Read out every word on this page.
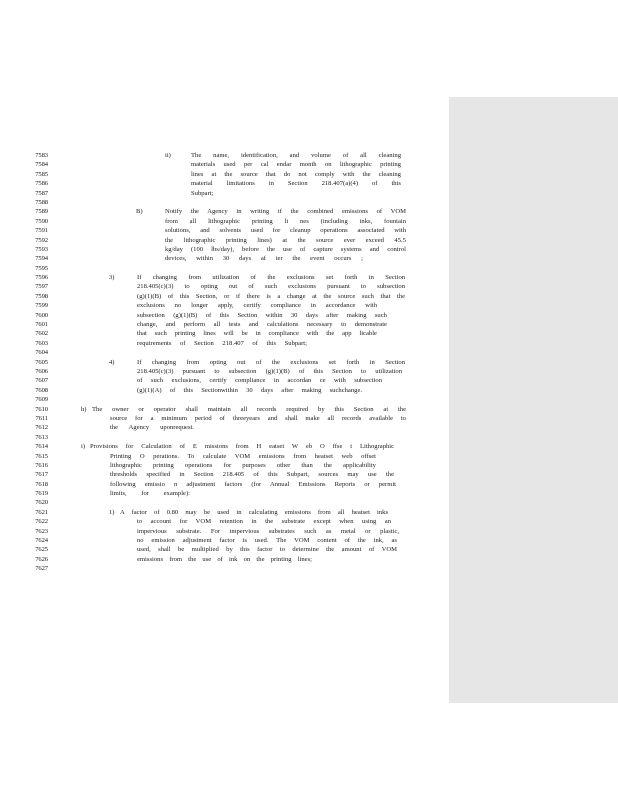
7583
7584
7585
7586
7587
7588
7589
7590
7591
7592
7593
7594
7595
7596
7597
7598
7599
7600
7601
7602
7603
7604
7605
7606
7607
7608
7609
7610
7611
7612
7613
7614
7615
7616
7617
7618
7619
7620
7621
7622
7623
7624
7625
7626
7627
ii)	The name, identification, and volume of all cleaning
materials used per cal endar month on lithographic printing
lines at the source that do not comply with the cleaning
material limitations in Section 218.407(a)(4) of this
Subpart;
B)	Notify the Agency in writing if the combined emissions of VOM
from all lithographic printing li nes (including inks, fountain
solutions, and solvents used for cleanup operations associated with
the lithographic printing lines) at the source ever exceed 45.5
kg/day (100 lbs/day), before the use of capture systems and control
devices, within 30 days af ter the event occurs ;
3)	If changing from utilization of the exclusions set forth in Section
218.405(c)(3) to opting out of such exclusions pursuant to subsection
(g)(1)(B) of this Section, or if there is a change at the source such that the
exclusions no longer apply, certify compliance in accordance with
subsection (g)(1)(B) of this Section within 30 days after making such
change, and perform all tests and calculations necessary to demonstrate
that such printing lines will be in compliance with the app licable
requirements of Section 218.407 of this Subpart;
4)	If changing from opting out of the exclusions set forth in Section
218.405(c)(3) pursuant to subsection (g)(1)(B) of this Section to utilization
of such exclusions, certify compliance in accordan ce with subsection
(g)(1)(A) of this Sectionwithin 30 days after making suchchange.
h) The owner or operator shall maintain all records required by this Section at the
source for a minimum period of threeyears and shall make all records available to
the Agency uponrequest.
i) Provisions for Calculation of E missions from H eatset W eb O ffse t Lithographic
Printing O perations. To calculate VOM emissions from heatset web offset
lithographic printing operations for purposes other than the applicability
thresholds specified in Section 218.405 of this Subpart, sources may use the
following emissio n adjustment factors (for Annual Emissions Reports or permit
limits, for example):
1) A factor of 0.80 may be used in calculating emissions from all heatset inks
to account for VOM retention in the substrate except when using an
impervious substrate. For impervious substrates such as metal or plastic,
no emission adjustment factor is used. The VOM content of the ink, as
used, shall be multiplied by this factor to determine the amount of VOM
emissions from the use of ink on the printing lines;
